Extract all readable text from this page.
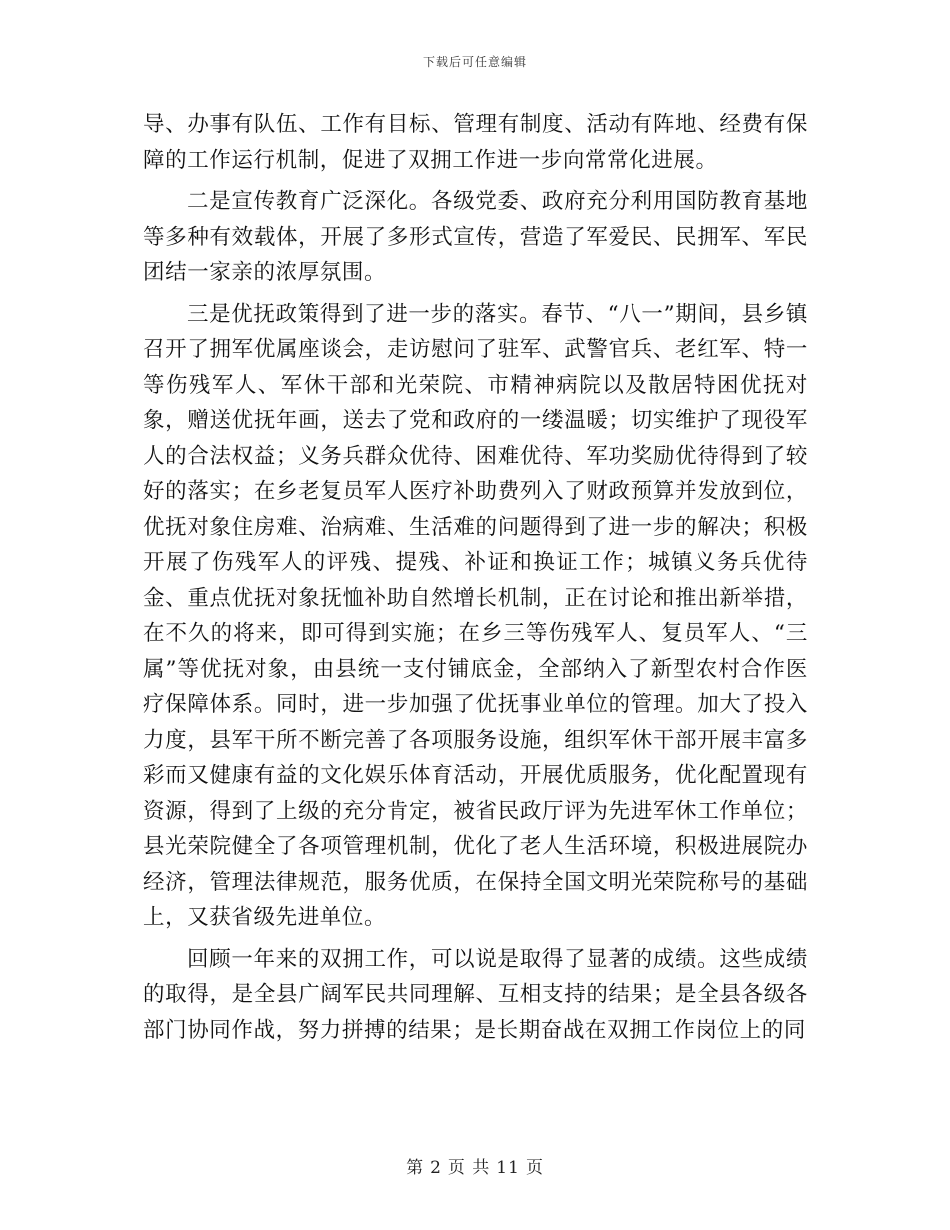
下载后可任意编辑

导、办事有队伍、工作有目标、管理有制度、活动有阵地、经费有保障的工作运行机制，促进了双拥工作进一步向常常化进展。

二是宣传教育广泛深化。各级党委、政府充分利用国防教育基地等多种有效载体，开展了多形式宣传，营造了军爱民、民拥军、军民团结一家亲的浓厚氛围。

三是优抚政策得到了进一步的落实。春节、“八一”期间，县乡镇召开了拥军优属座谈会，走访慰问了驻军、武警官兵、老红军、特一等伤残军人、军休干部和光荣院、市精神病院以及散居特困优抚对象，赠送优抚年画，送去了党和政府的一缕温暖；切实维护了现役军人的合法权益；义务兵群众优待、困难优待、军功奖励优待得到了较好的落实；在乡老复员军人医疗补助费列入了财政预算并发放到位，优抚对象住房难、治病难、生活难的问题得到了进一步的解决；积极开展了伤残军人的评残、提残、补证和换证工作；城镇义务兵优待金、重点优抚对象抚恤补助自然增长机制，正在讨论和推出新举措，在不久的将来，即可得到实施；在乡三等伤残军人、复员军人、“三属”等优抚对象，由县统一支付铺底金，全部纳入了新型农村合作医疗保障体系。同时，进一步加强了优抚事业单位的管理。加大了投入力度，县军干所不断完善了各项服务设施，组织军休干部开展丰富多彩而又健康有益的文化娱乐体育活动，开展优质服务，优化配置现有资源，得到了上级的充分肯定，被省民政厅评为先进军休工作单位；县光荣院健全了各项管理机制，优化了老人生活环境，积极进展院办经济，管理法律规范，服务优质，在保持全国文明光荣院称号的基础上，又获省级先进单位。

回顾一年来的双拥工作，可以说是取得了显著的成绩。这些成绩的取得，是全县广阔军民共同理解、互相支持的结果；是全县各级各部门协同作战，努力拼搏的结果；是长期奋战在双拥工作岗位上的同

第 2 页 共 11 页
